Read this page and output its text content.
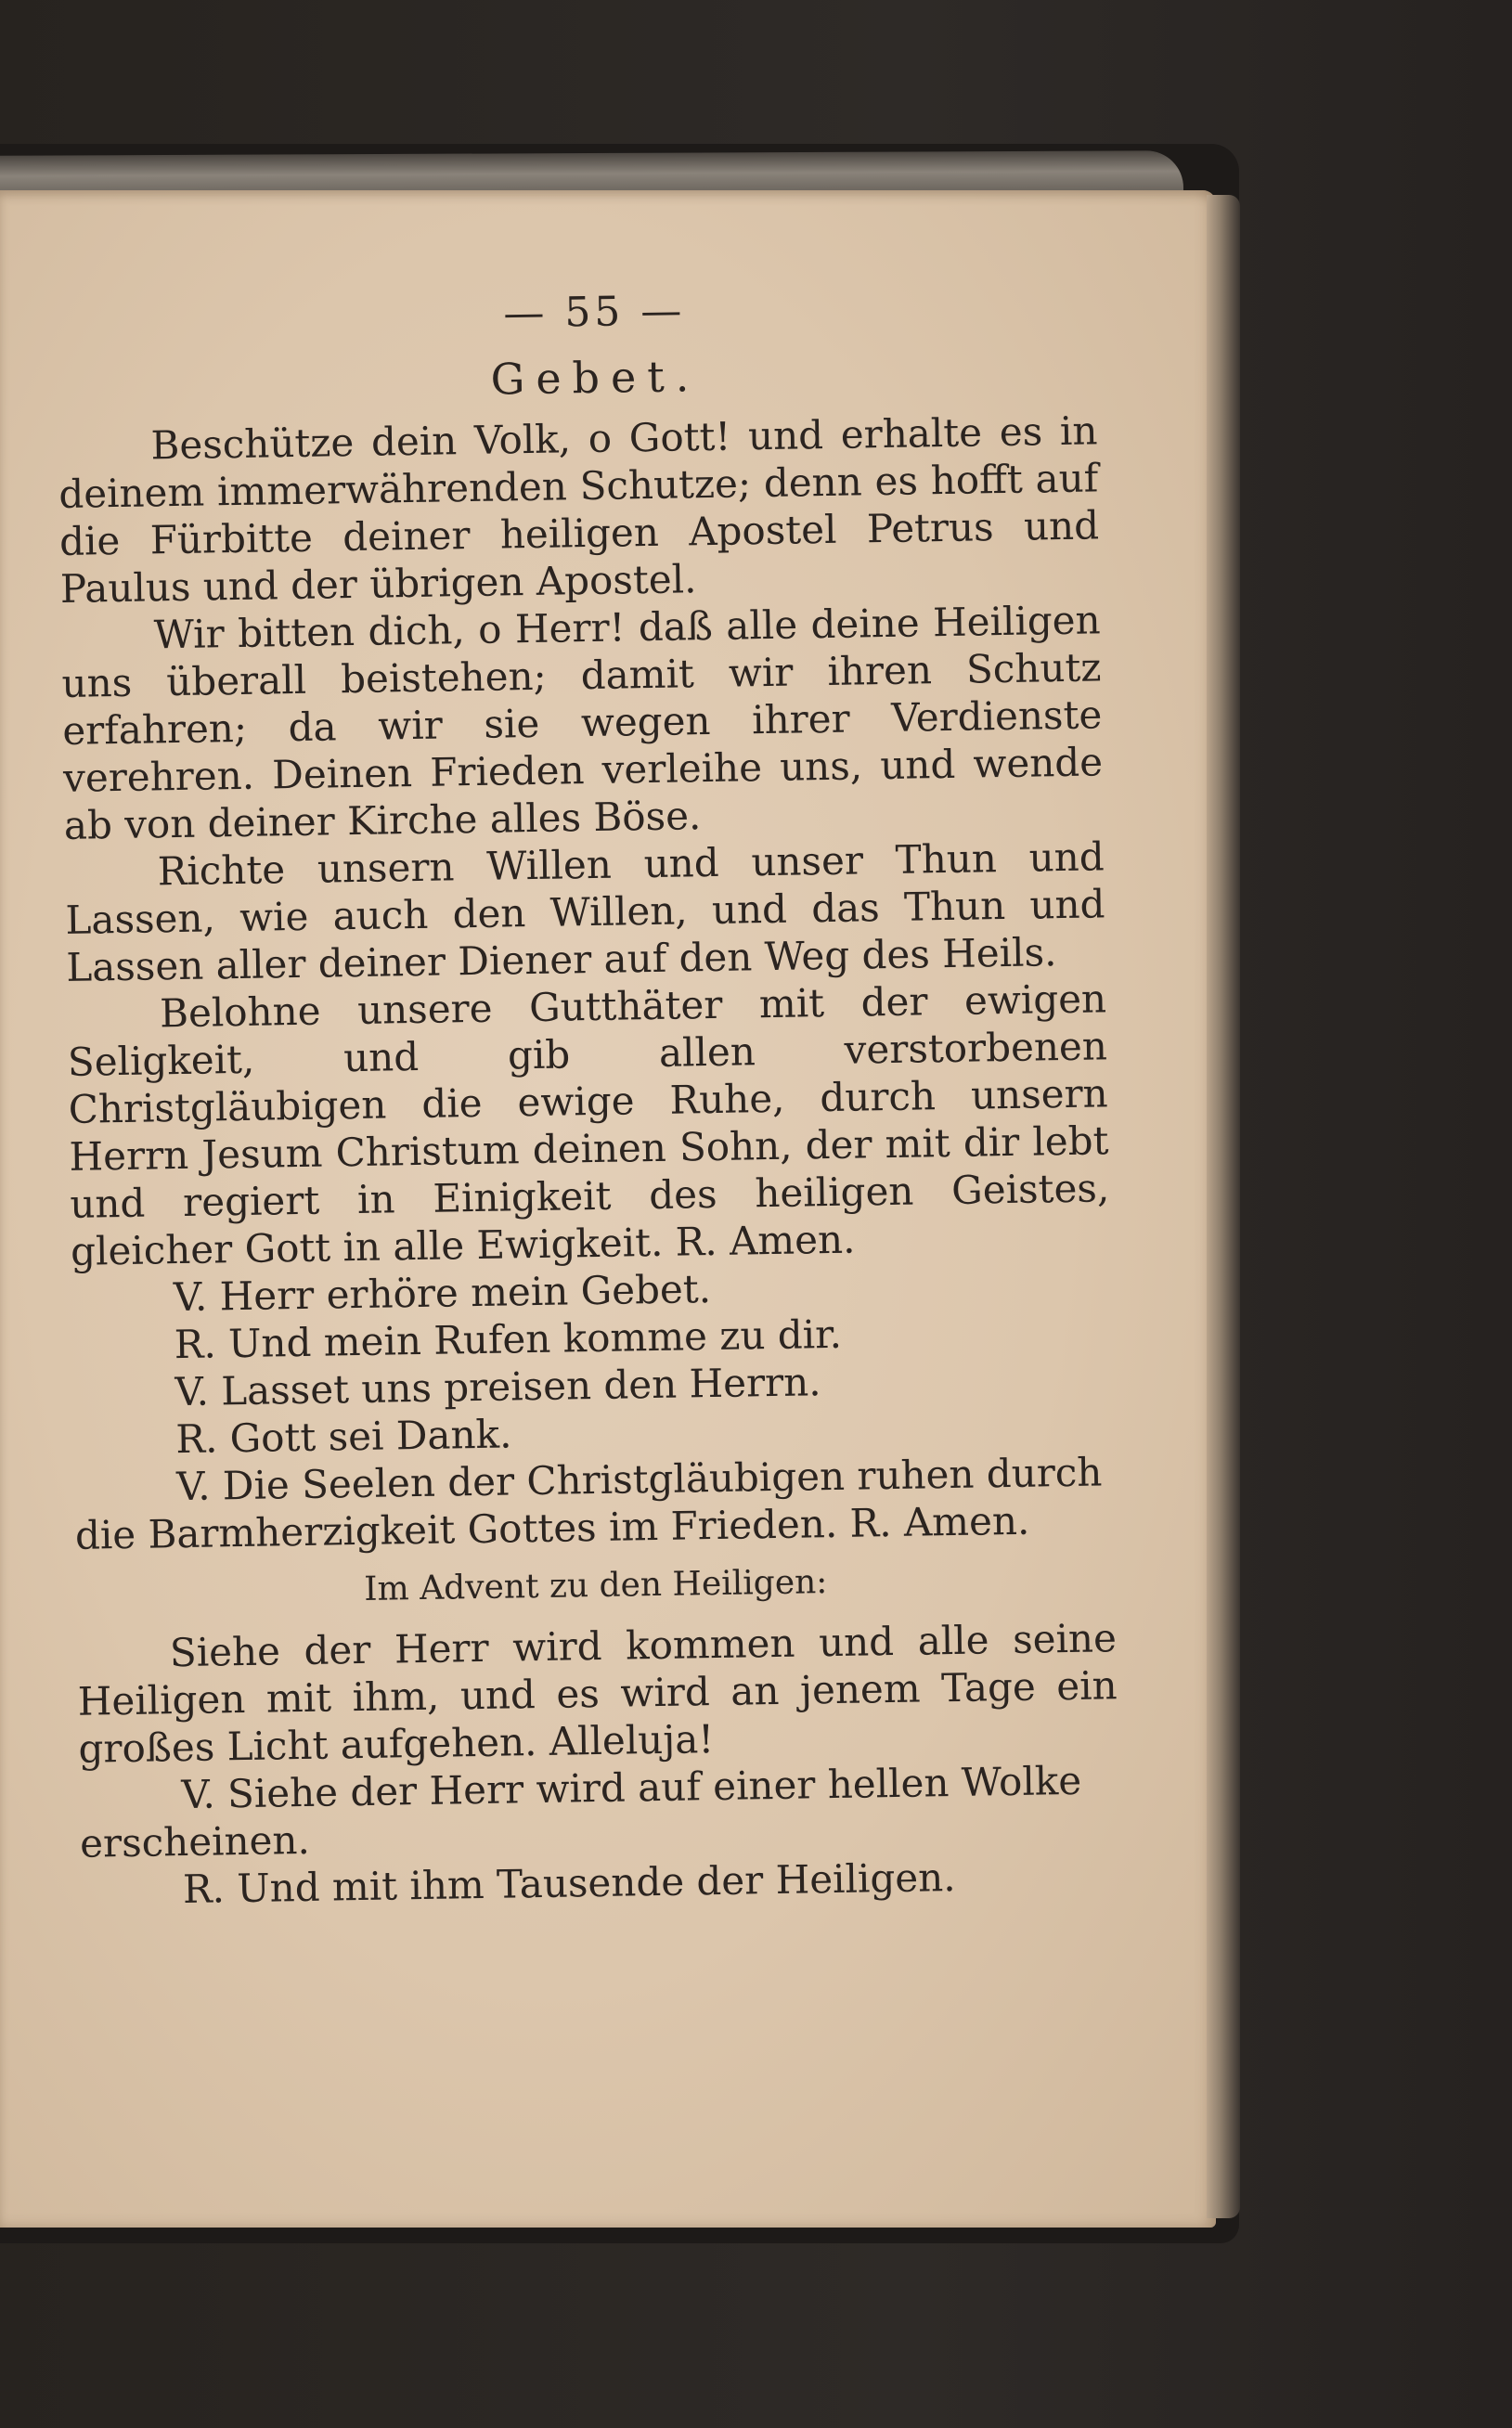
— 55 —
Gebet.

Beschütze dein Volk, o Gott! und erhalte es in deinem immerwährenden Schutze; denn es hofft auf die Fürbitte deiner heiligen Apostel Petrus und Paulus und der übrigen Apostel.

Wir bitten dich, o Herr! daß alle deine Heiligen uns überall beistehen; damit wir ihren Schutz erfahren; da wir sie wegen ihrer Verdienste verehren. Deinen Frieden verleihe uns, und wende ab von deiner Kirche alles Böse.

Richte unsern Willen und unser Thun und Lassen, wie auch den Willen, und das Thun und Lassen aller deiner Diener auf den Weg des Heils.

Belohne unsere Gutthäter mit der ewigen Seligkeit, und gib allen verstorbenen Christgläubigen die ewige Ruhe, durch unsern Herrn Jesum Christum deinen Sohn, der mit dir lebt und regiert in Einigkeit des heiligen Geistes, gleicher Gott in alle Ewigkeit. R. Amen.

V. Herr erhöre mein Gebet.

R. Und mein Rufen komme zu dir.

V. Lasset uns preisen den Herrn.

R. Gott sei Dank.

V. Die Seelen der Christgläubigen ruhen durch

die Barmherzigkeit Gottes im Frieden. R. Amen.

Im Advent zu den Heiligen:

Siehe der Herr wird kommen und alle seine Heiligen mit ihm, und es wird an jenem Tage ein großes Licht aufgehen. Alleluja!

V. Siehe der Herr wird auf einer hellen Wolke

erscheinen.

R. Und mit ihm Tausende der Heiligen.
